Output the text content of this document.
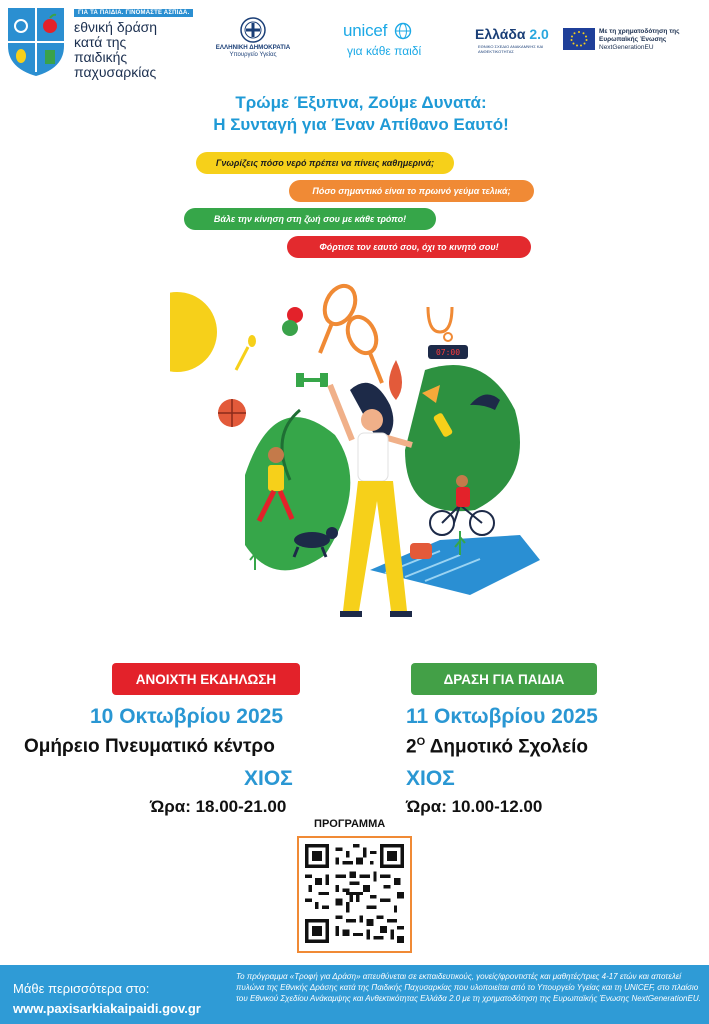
ΓΙΑ ΤΑ ΠΑΙΔΙΑ. ΓΙΝΟΜΑΣΤΕ ΑΣΠΙΔΑ.
εθνική δράση
κατά της
παιδικής
παχυσαρκίας
ΕΛΛΗΝΙΚΗ ΔΗΜΟΚΡΑΤΙΑ
Υπουργείο Υγείας
unicef
για κάθε παιδί
Ελλάδα 2.0
ΕΘΝΙΚΟ ΣΧΕΔΙΟ ΑΝΑΚΑΜΨΗΣ ΚΑΙ ΑΝΘΕΚΤΙΚΟΤΗΤΑΣ
Με τη χρηματοδότηση της Ευρωπαϊκής Ένωσης
NextGenerationEU
Τρώμε Έξυπνα, Ζούμε Δυνατά:
Η Συνταγή για Έναν Απίθανο Εαυτό!
Γνωρίζεις πόσο νερό πρέπει να πίνεις καθημερινά;
Πόσο σημαντικό είναι το πρωινό γεύμα τελικά;
Βάλε την κίνηση στη ζωή σου με κάθε τρόπο!
Φόρτισε τον εαυτό σου, όχι το κινητό σου!
07:00
ΑΝΟΙΧΤΗ ΕΚΔΗΛΩΣΗ	ΔΡΑΣΗ ΓΙΑ ΠΑΙΔΙΑ
10 Οκτωβρίου 2025	11 Οκτωβρίου 2025
Ομήρειο Πνευματικό κέντρο	$2^O$ Δημοτικό Σχολείο
ΧΙΟΣ	ΧΙΟΣ
Ώρα: 18.00-21.00	Ώρα: 10.00-12.00
ΠΡΟΓΡΑΜΜΑ
Μάθε περισσότερα στο:
www.paxisarkiakaipaidi.gov.gr
Το πρόγραμμα «Τροφή για Δράση» απευθύνεται σε εκπαιδευτικούς, γονείς/φροντιστές και μαθητές/τριες 4-17 ετών και αποτελεί πυλώνα της Εθνικής Δράσης κατά της Παιδικής Παχυσαρκίας που υλοποιείται από το Υπουργείο Υγείας και τη UNICEF, στο πλαίσιο του Εθνικού Σχεδίου Ανάκαμψης και Ανθεκτικότητας Ελλάδα 2.0 με τη χρηματοδότηση της Ευρωπαϊκής Ένωσης NextGenerationEU.
